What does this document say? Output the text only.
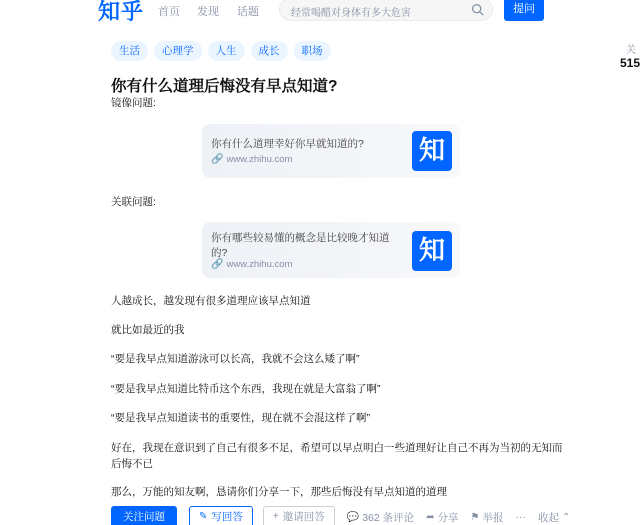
知乎 首页 发现 话题	经常喝醋对身体有多大危害	提问
关
515
生活	心理学	人生	成长	职场
你有什么道理后悔没有早点知道?
镜像问题:
你有什么道理幸好你早就知道的?
🔗 www.zhihu.com	知
关联问题:
你有哪些较易懂的概念是比较晚才知道的?
🔗 www.zhihu.com	知
人越成长，越发现有很多道理应该早点知道
就比如最近的我
“要是我早点知道游泳可以长高，我就不会这么矮了啊”
“要是我早点知道比特币这个东西，我现在就是大富翁了啊”
“要是我早点知道读书的重要性，现在就不会混这样了啊”
好在，我现在意识到了自己有很多不足，希望可以早点明白一些道理好让自己不再为当初的无知而后悔不已
那么，万能的知友啊，恳请你们分享一下，那些后悔没有早点知道的道理
关注问题	✎ 写回答	+ 邀请回答 💬 362 条评论 ➦ 分享 ⚑ 举报 ··· 收起 ⌃
